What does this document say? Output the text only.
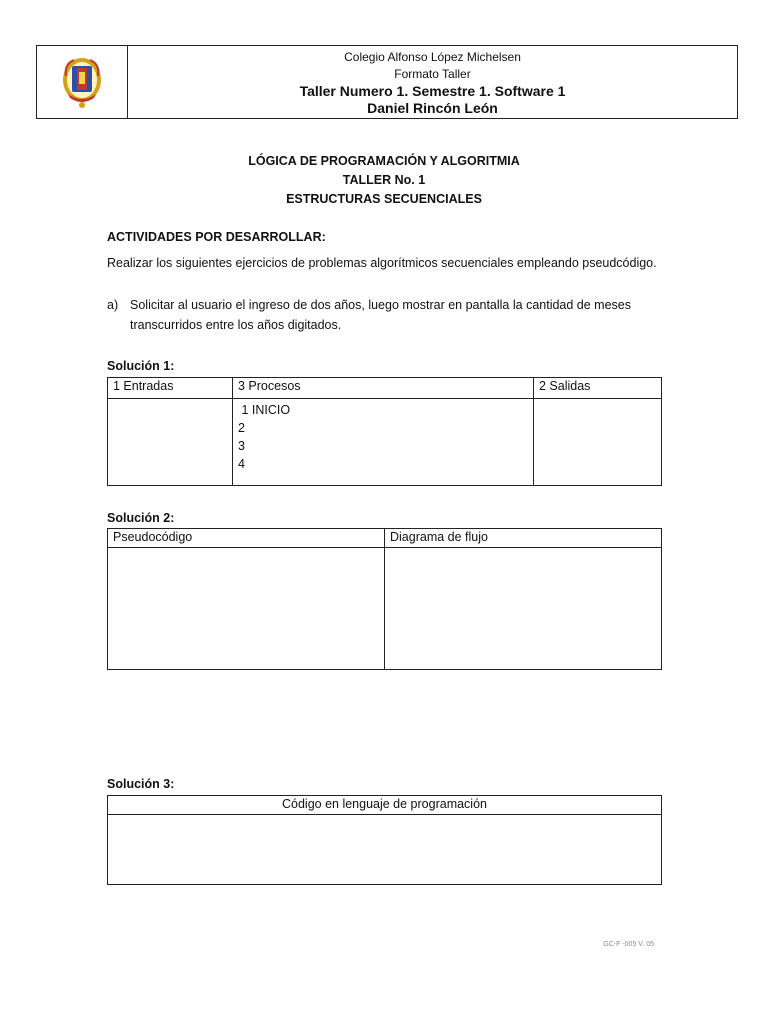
Colegio Alfonso López Michelsen
Formato Taller
Taller Numero 1. Semestre 1. Software 1
Daniel Rincón León
LÓGICA DE PROGRAMACIÓN Y ALGORITMIA
TALLER No. 1
ESTRUCTURAS SECUENCIALES
ACTIVIDADES POR DESARROLLAR:
Realizar los siguientes ejercicios de problemas algorítmicos secuenciales empleando pseudcódigo.
a) Solicitar al usuario el ingreso de dos años, luego mostrar en pantalla la cantidad de meses
transcurridos entre los años digitados.
Solución 1:
1 Entradas	3 Procesos	2 Salidas

	1 INICIO
2
3
4	

Solución 2:
Pseudocódigo	Diagrama de flujo

Solución 3:
Código en lenguaje de programación

GC-F -005 V. 05
